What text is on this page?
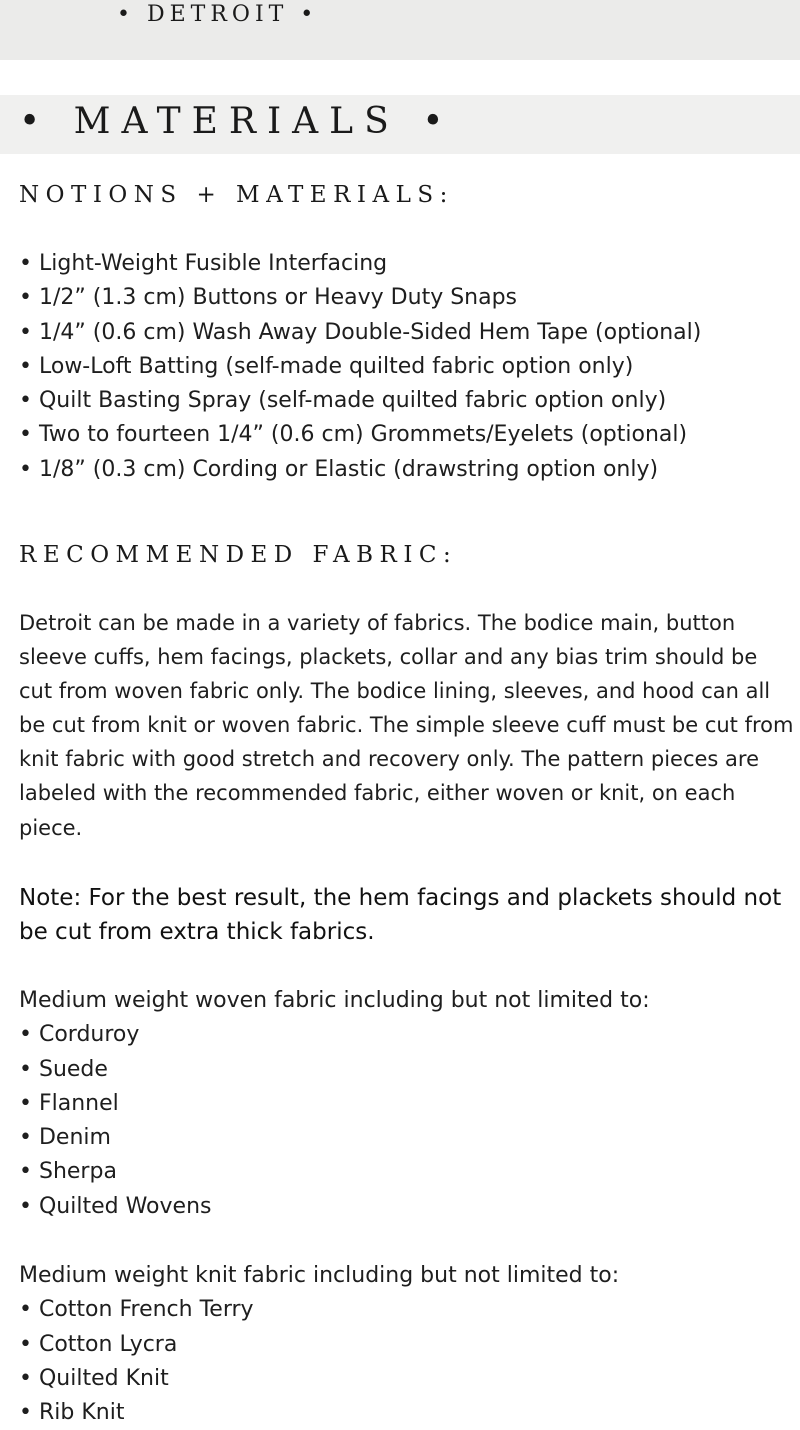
• DETROIT •
• MATERIALS •
NOTIONS + MATERIALS:
• Light-Weight Fusible Interfacing
• 1/2” (1.3 cm) Buttons or Heavy Duty Snaps
• 1/4” (0.6 cm) Wash Away Double-Sided Hem Tape (optional)
• Low-Loft Batting (self-made quilted fabric option only)
• Quilt Basting Spray (self-made quilted fabric option only)
• Two to fourteen 1/4” (0.6 cm) Grommets/Eyelets (optional)
• 1/8” (0.3 cm) Cording or Elastic (drawstring option only)
RECOMMENDED FABRIC:

Detroit can be made in a variety of fabrics. The bodice main, button sleeve cuffs, hem facings, plackets, collar and any bias trim should be cut from woven fabric only. The bodice lining, sleeves, and hood can all be cut from knit or woven fabric. The simple sleeve cuff must be cut from knit fabric with good stretch and recovery only. The pattern pieces are labeled with the recommended fabric, either woven or knit, on each piece.

Note: For the best result, the hem facings and plackets should not be cut from extra thick fabrics.

Medium weight woven fabric including but not limited to:
• Corduroy
• Suede
• Flannel
• Denim
• Sherpa
• Quilted Wovens
Medium weight knit fabric including but not limited to:
• Cotton French Terry
• Cotton Lycra
• Quilted Knit
• Rib Knit
